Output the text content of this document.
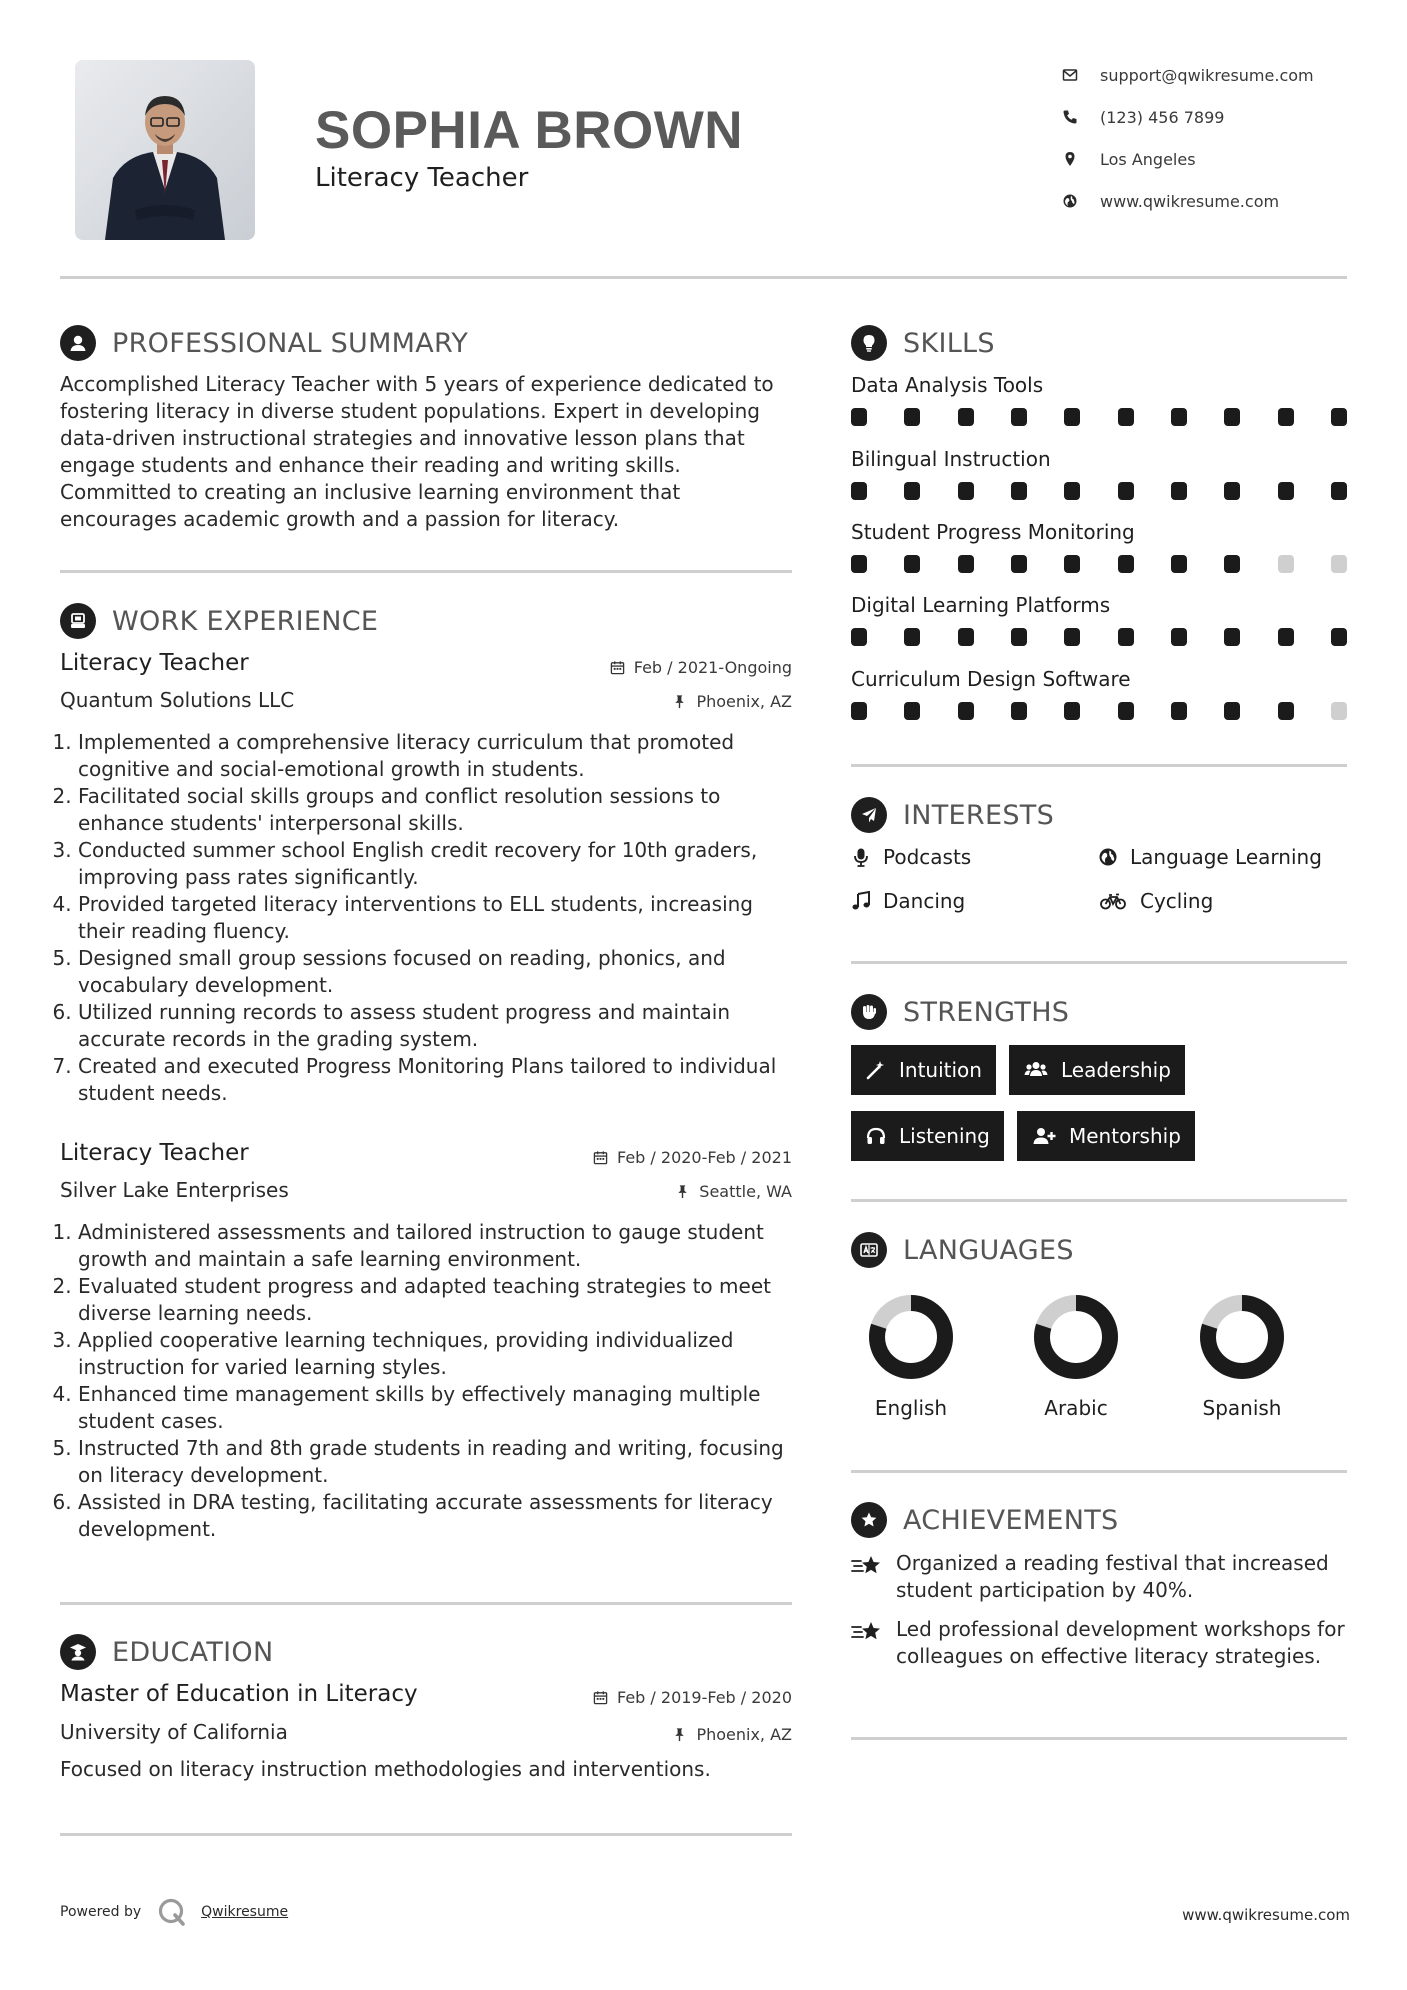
SOPHIA BROWN
Literacy Teacher
support@qwikresume.com
(123) 456 7899
Los Angeles
www.qwikresume.com
PROFESSIONAL SUMMARY
Accomplished Literacy Teacher with 5 years of experience dedicated to fostering literacy in diverse student populations. Expert in developing data-driven instructional strategies and innovative lesson plans that engage students and enhance their reading and writing skills. Committed to creating an inclusive learning environment that encourages academic growth and a passion for literacy.
WORK EXPERIENCE
Literacy Teacher	Feb / 2021-Ongoing
Quantum Solutions LLC	Phoenix, AZ
1. Implemented a comprehensive literacy curriculum that promoted cognitive and social-emotional growth in students.
2. Facilitated social skills groups and conflict resolution sessions to enhance students' interpersonal skills.
3. Conducted summer school English credit recovery for 10th graders, improving pass rates significantly.
4. Provided targeted literacy interventions to ELL students, increasing their reading fluency.
5. Designed small group sessions focused on reading, phonics, and vocabulary development.
6. Utilized running records to assess student progress and maintain accurate records in the grading system.
7. Created and executed Progress Monitoring Plans tailored to individual student needs.
Literacy Teacher	Feb / 2020-Feb / 2021
Silver Lake Enterprises	Seattle, WA
1. Administered assessments and tailored instruction to gauge student growth and maintain a safe learning environment.
2. Evaluated student progress and adapted teaching strategies to meet diverse learning needs.
3. Applied cooperative learning techniques, providing individualized instruction for varied learning styles.
4. Enhanced time management skills by effectively managing multiple student cases.
5. Instructed 7th and 8th grade students in reading and writing, focusing on literacy development.
6. Assisted in DRA testing, facilitating accurate assessments for literacy development.
EDUCATION
Master of Education in Literacy	Feb / 2019-Feb / 2020
University of California	Phoenix, AZ
Focused on literacy instruction methodologies and interventions.
SKILLS
Data Analysis Tools
Bilingual Instruction
Student Progress Monitoring
Digital Learning Platforms
Curriculum Design Software
INTERESTS
Podcasts	Language Learning
Dancing	Cycling
STRENGTHS
Intuition	Leadership
Listening	Mentorship
LANGUAGES
English	Arabic	Spanish
ACHIEVEMENTS
Organized a reading festival that increased student participation by 40%.
Led professional development workshops for colleagues on effective literacy strategies.
Powered by	Qwikresume	www.qwikresume.com
